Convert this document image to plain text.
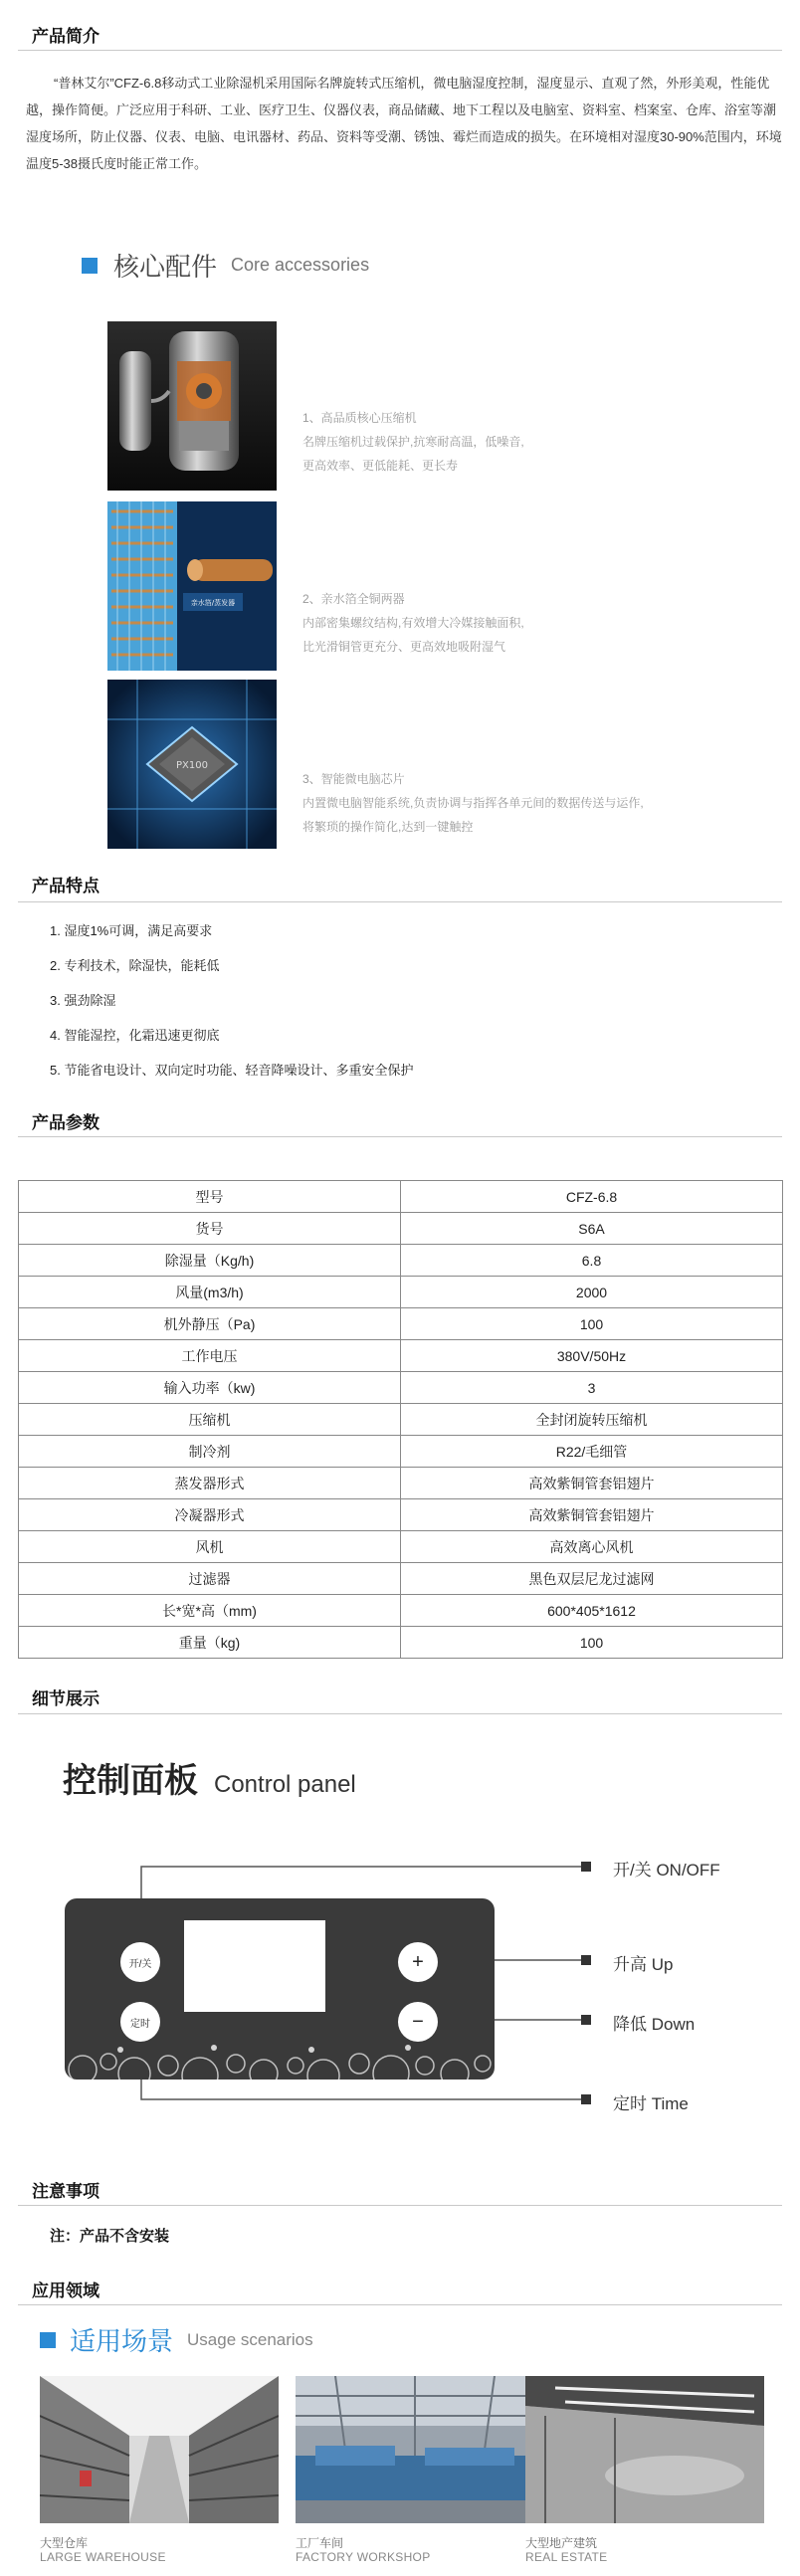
产品简介
“普林艾尔”CFZ-6.8移动式工业除湿机采用国际名牌旋转式压缩机，微电脑湿度控制，湿度显示、直观了然，外形美观，性能优越，操作简便。广泛应用于科研、工业、医疗卫生、仪器仪表，商品储藏、地下工程以及电脑室、资料室、档案室、仓库、浴室等潮湿度场所，防止仪器、仪表、电脑、电讯器材、药品、资料等受潮、锈蚀、霉烂而造成的损失。在环境相对湿度30-90%范围内，环境温度5-38摄氏度时能正常工作。
核心配件 Core accessories
1、高品质核心压缩机
名牌压缩机过载保护,抗寒耐高温，低噪音,
更高效率、更低能耗、更长寿
亲水箔/蒸发器	2、亲水箔全铜两器
内部密集螺纹结构,有效增大冷媒接触面积,
比光滑铜管更充分、更高效地吸附湿气
PX100
3、智能微电脑芯片
内置微电脑智能系统,负责协调与指挥各单元间的数据传送与运作,
将繁琐的操作简化,达到一键触控
产品特点
1. 湿度1%可调，满足高要求
2. 专利技术，除湿快，能耗低
3. 强劲除湿
4. 智能湿控，化霜迅速更彻底
5. 节能省电设计、双向定时功能、轻音降噪设计、多重安全保护
产品参数
型号	CFZ-6.8
货号	S6A
除湿量（Kg/h)	6.8
风量(m3/h)	2000
机外静压（Pa)	100
工作电压	380V/50Hz
输入功率（kw)	3
压缩机	全封闭旋转压缩机
制冷剂	R22/毛细管
蒸发器形式	高效紫铜管套铝翅片
冷凝器形式	高效紫铜管套铝翅片
风机	高效离心风机
过滤器	黑色双层尼龙过滤网
长*宽*高（mm)	600*405*1612
重量（kg)	100
细节展示
控制面板 Control panel
开/关
定时
+
−
开/关 ON/OFF
升高 Up
降低 Down
定时 Time
注意事项
注：产品不含安装
应用领域
适用场景 Usage scenarios
大型仓库
LARGE WAREHOUSE
工厂车间
FACTORY WORKSHOP
大型地产建筑
REAL ESTATE
